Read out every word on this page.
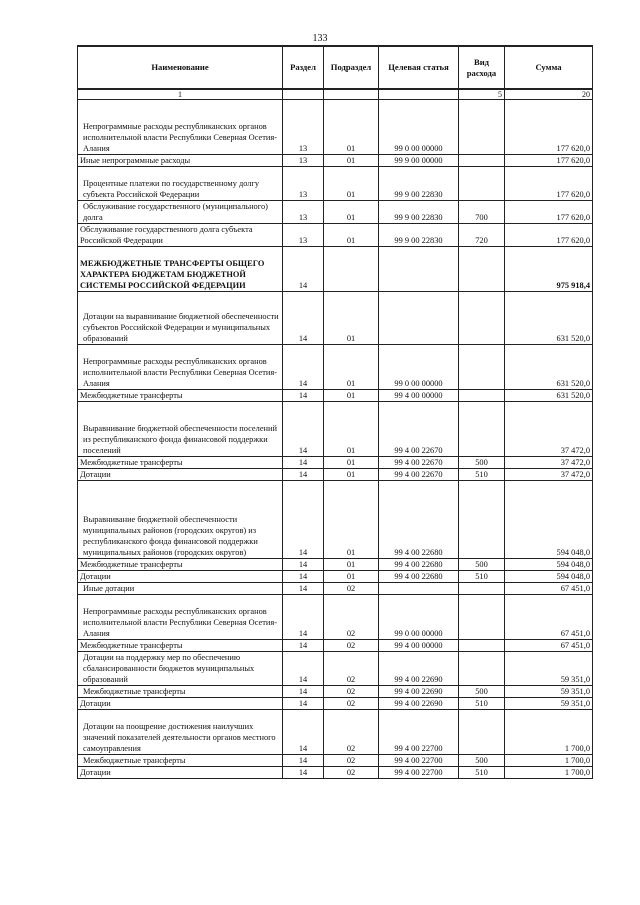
133
Наименование	Раздел	Подраздел	Целевая статья	Вид расхода	Сумма
1				5	20
Непрограммные расходы республиканских органов исполнительной власти Республики Северная Осетия-Алания	13	01	99 0 00 00000		177 620,0
Иные непрограммные расходы	13	01	99 9 00 00000		177 620,0
Процентные платежи по государственному долгу субъекта Российской Федерации	13	01	99 9 00 22830		177 620,0
Обслуживание государственного (муниципального) долга	13	01	99 9 00 22830	700	177 620,0
Обслуживание государственного долга субъекта Российской Федерации	13	01	99 9 00 22830	720	177 620,0
МЕЖБЮДЖЕТНЫЕ ТРАНСФЕРТЫ ОБЩЕГО ХАРАКТЕРА БЮДЖЕТАМ БЮДЖЕТНОЙ СИСТЕМЫ РОССИЙСКОЙ ФЕДЕРАЦИИ	14				975 918,4
Дотации на выравнивание бюджетной обеспеченности субъектов Российской Федерации и муниципальных образований	14	01			631 520,0
Непрограммные расходы республиканских органов исполнительной власти Республики Северная Осетия-Алания	14	01	99 0 00 00000		631 520,0
Межбюджетные трансферты	14	01	99 4 00 00000		631 520,0
Выравнивание бюджетной обеспеченности поселений из республиканского фонда финансовой поддержки поселений	14	01	99 4 00 22670		37 472,0
Межбюджетные трансферты	14	01	99 4 00 22670	500	37 472,0
Дотации	14	01	99 4 00 22670	510	37 472,0
Выравнивание бюджетной обеспеченности муниципальных районов (городских округов) из республиканского фонда финансовой поддержки муниципальных районов (городских округов)	14	01	99 4 00 22680		594 048,0
Межбюджетные трансферты	14	01	99 4 00 22680	500	594 048,0
Дотации	14	01	99 4 00 22680	510	594 048,0
Иные дотации	14	02			67 451,0
Непрограммные расходы республиканских органов исполнительной власти Республики Северная Осетия-Алания	14	02	99 0 00 00000		67 451,0
Межбюджетные трансферты	14	02	99 4 00 00000		67 451,0
Дотации на поддержку мер по обеспечению сбалансированности бюджетов муниципальных образований	14	02	99 4 00 22690		59 351,0
Межбюджетные трансферты	14	02	99 4 00 22690	500	59 351,0
Дотации	14	02	99 4 00 22690	510	59 351,0
Дотации на поощрение достижения наилучших значений показателей деятельности органов местного самоуправления	14	02	99 4 00 22700		1 700,0
Межбюджетные трансферты	14	02	99 4 00 22700	500	1 700,0
Дотации	14	02	99 4 00 22700	510	1 700,0
